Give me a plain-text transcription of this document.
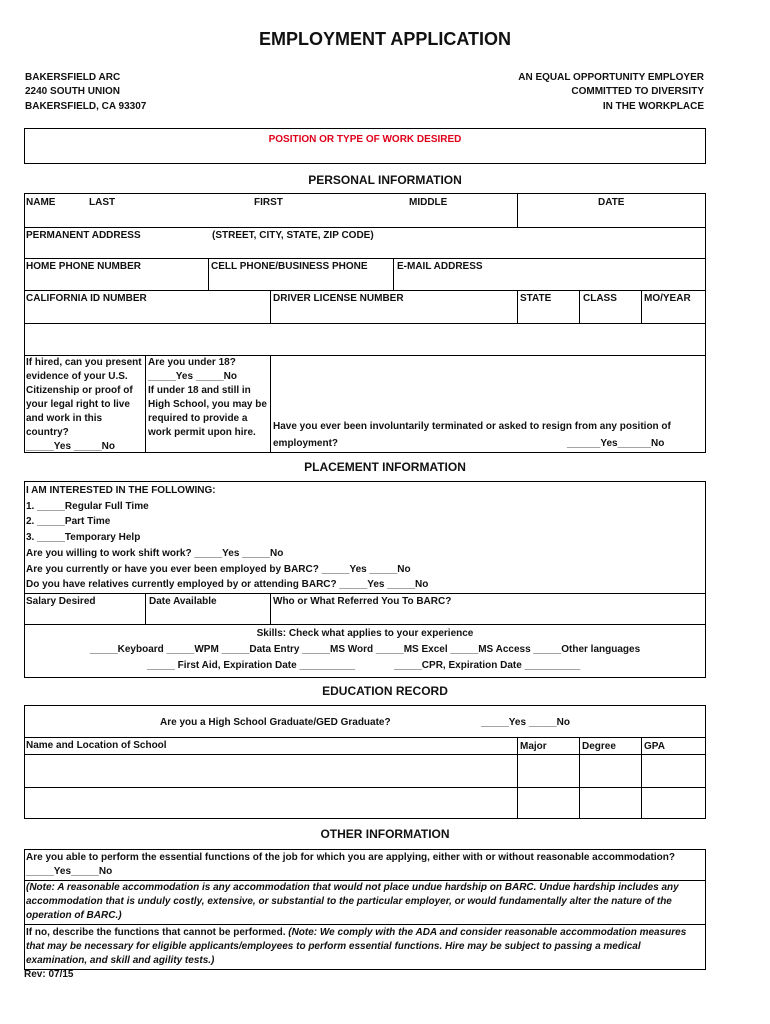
EMPLOYMENT APPLICATION
BAKERSFIELD ARC
2240 SOUTH UNION
BAKERSFIELD, CA 93307
AN EQUAL OPPORTUNITY EMPLOYER
COMMITTED TO DIVERSITY
IN THE WORKPLACE
POSITION OR TYPE OF WORK DESIRED
PERSONAL INFORMATION
NAME	LAST	FIRST	MIDDLE	DATE
PERMANENT ADDRESS	(STREET, CITY, STATE, ZIP CODE)
HOME PHONE NUMBER	CELL PHONE/BUSINESS PHONE	E-MAIL ADDRESS
CALIFORNIA ID NUMBER	DRIVER LICENSE NUMBER	STATE	CLASS	MO/YEAR
If hired, can you present
evidence of your U.S.
Citizenship or proof of
your legal right to live
and work in this
country?
_____Yes _____No
Are you under 18?
_____Yes _____No
If under 18 and still in
High School, you may be
required to provide a
work permit upon hire.
Have you ever been involuntarily terminated or asked to resign from any position of
employment?	______Yes______No
PLACEMENT INFORMATION
I AM INTERESTED IN THE FOLLOWING:
1. _____Regular Full Time
2. _____Part Time
3. _____Temporary Help
Are you willing to work shift work? _____Yes _____No
Are you currently or have you ever been employed by BARC? _____Yes _____No
Do you have relatives currently employed by or attending BARC? _____Yes _____No
Salary Desired	Date Available	Who or What Referred You To BARC?
Skills: Check what applies to your experience
_____Keyboard _____WPM _____Data Entry _____MS Word _____MS Excel _____MS Access _____Other languages
_____ First Aid, Expiration Date __________	_____CPR, Expiration Date __________
EDUCATION RECORD
Are you a High School Graduate/GED Graduate?	_____Yes _____No
Name and Location of School	Major	Degree	GPA
OTHER INFORMATION
Are you able to perform the essential functions of the job for which you are applying, either with or without reasonable accommodation?
_____Yes_____No
(Note: A reasonable accommodation is any accommodation that would not place undue hardship on BARC. Undue hardship includes any
accommodation that is unduly costly, extensive, or substantial to the particular employer, or would fundamentally alter the nature of the
operation of BARC.)
If no, describe the functions that cannot be performed. (Note: We comply with the ADA and consider reasonable accommodation measures
that may be necessary for eligible applicants/employees to perform essential functions. Hire may be subject to passing a medical
examination, and skill and agility tests.)
Rev: 07/15
